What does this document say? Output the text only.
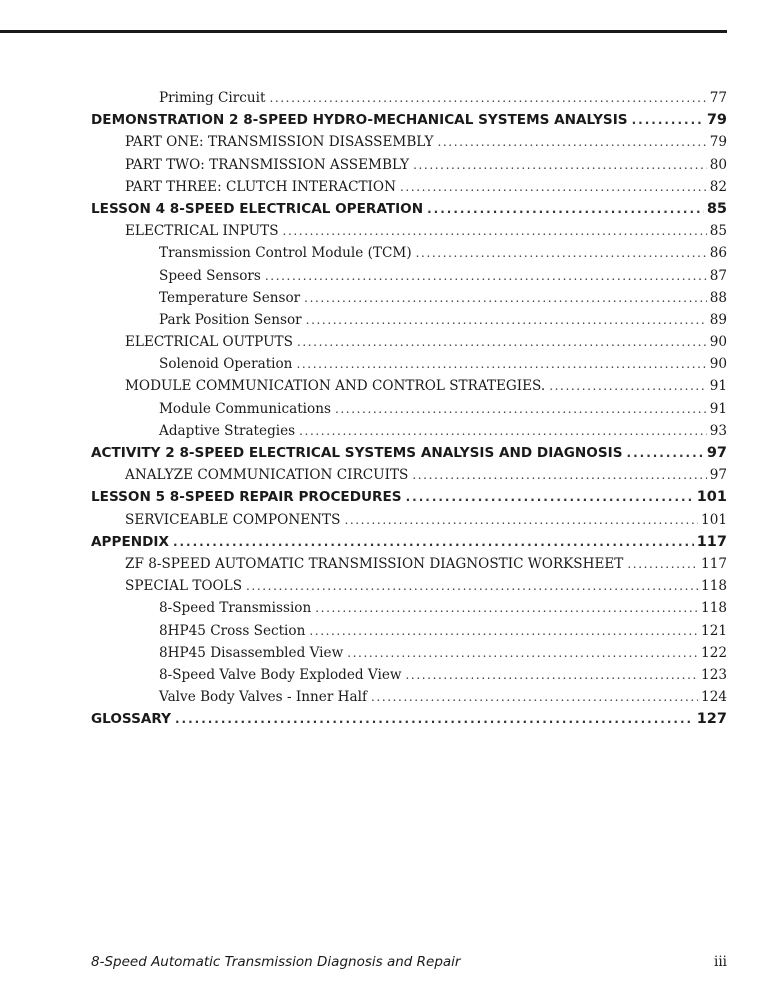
Priming Circuit .....	77
DEMONSTRATION 2 8-SPEED HYDRO-MECHANICAL SYSTEMS ANALYSIS .....	79
PART ONE: TRANSMISSION DISASSEMBLY .....	79
PART TWO: TRANSMISSION ASSEMBLY .....	80
PART THREE: CLUTCH INTERACTION .....	82
LESSON 4 8-SPEED ELECTRICAL OPERATION .....	85
ELECTRICAL INPUTS .....	85
Transmission Control Module (TCM) .....	86
Speed Sensors .....	87
Temperature Sensor .....	88
Park Position Sensor .....	89
ELECTRICAL OUTPUTS .....	90
Solenoid Operation .....	90
MODULE COMMUNICATION AND CONTROL STRATEGIES. .....	91
Module Communications .....	91
Adaptive Strategies .....	93
ACTIVITY 2 8-SPEED ELECTRICAL SYSTEMS ANALYSIS AND DIAGNOSIS .....	97
ANALYZE COMMUNICATION CIRCUITS .....	97
LESSON 5 8-SPEED REPAIR PROCEDURES .....	101
SERVICEABLE COMPONENTS .....	101
APPENDIX .....	117
ZF 8-SPEED AUTOMATIC TRANSMISSION DIAGNOSTIC WORKSHEET .....	117
SPECIAL TOOLS .....	118
8-Speed Transmission .....	118
8HP45 Cross Section .....	121
8HP45 Disassembled View .....	122
8-Speed Valve Body Exploded View .....	123
Valve Body Valves - Inner Half .....	124
GLOSSARY .....	127
8-Speed Automatic Transmission Diagnosis and Repair	iii
